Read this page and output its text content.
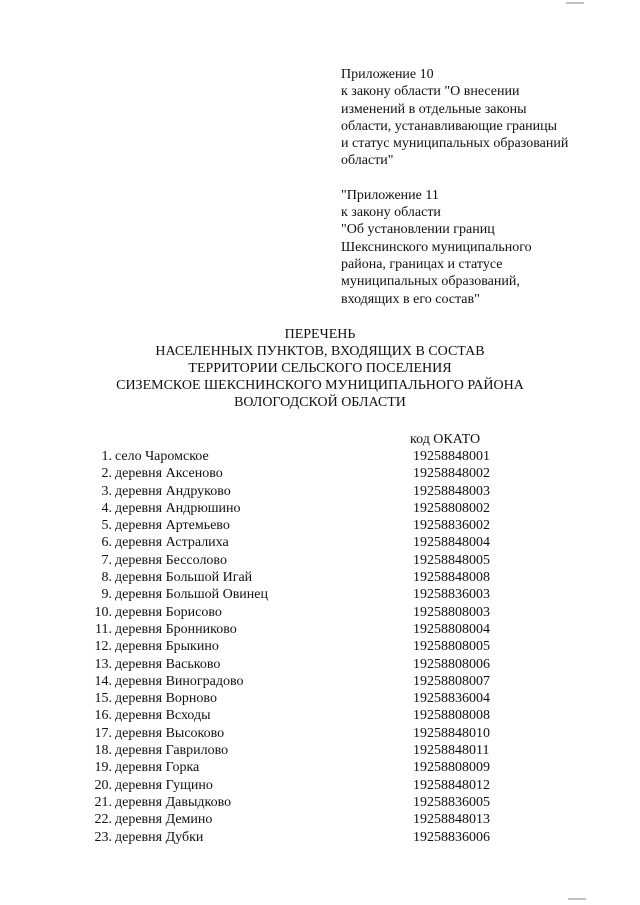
Приложение 10
к закону области "О внесении
изменений в отдельные законы
области, устанавливающие границы
и статус муниципальных образований
области"
"Приложение 11
к закону области
"Об установлении границ
Шекснинского муниципального
района, границах и статусе
муниципальных образований,
входящих в его состав"
ПЕРЕЧЕНЬ
НАСЕЛЕННЫХ ПУНКТОВ, ВХОДЯЩИХ В СОСТАВ
ТЕРРИТОРИИ СЕЛЬСКОГО ПОСЕЛЕНИЯ
СИЗЕМСКОЕ ШЕКСНИНСКОГО МУНИЦИПАЛЬНОГО РАЙОНА
ВОЛОГОДСКОЙ ОБЛАСТИ
код ОКАТО
1. село Чаромское	19258848001
2. деревня Аксеново	19258848002
3. деревня Андруково	19258848003
4. деревня Андрюшино	19258808002
5. деревня Артемьево	19258836002
6. деревня Астралиха	19258848004
7. деревня Бессолово	19258848005
8. деревня Большой Игай	19258848008
9. деревня Большой Овинец	19258836003
10. деревня Борисово	19258808003
11. деревня Бронниково	19258808004
12. деревня Брыкино	19258808005
13. деревня Васьково	19258808006
14. деревня Виноградово	19258808007
15. деревня Ворново	19258836004
16. деревня Всходы	19258808008
17. деревня Высоково	19258848010
18. деревня Гаврилово	19258848011
19. деревня Горка	19258808009
20. деревня Гущино	19258848012
21. деревня Давыдково	19258836005
22. деревня Демино	19258848013
23. деревня Дубки	19258836006
